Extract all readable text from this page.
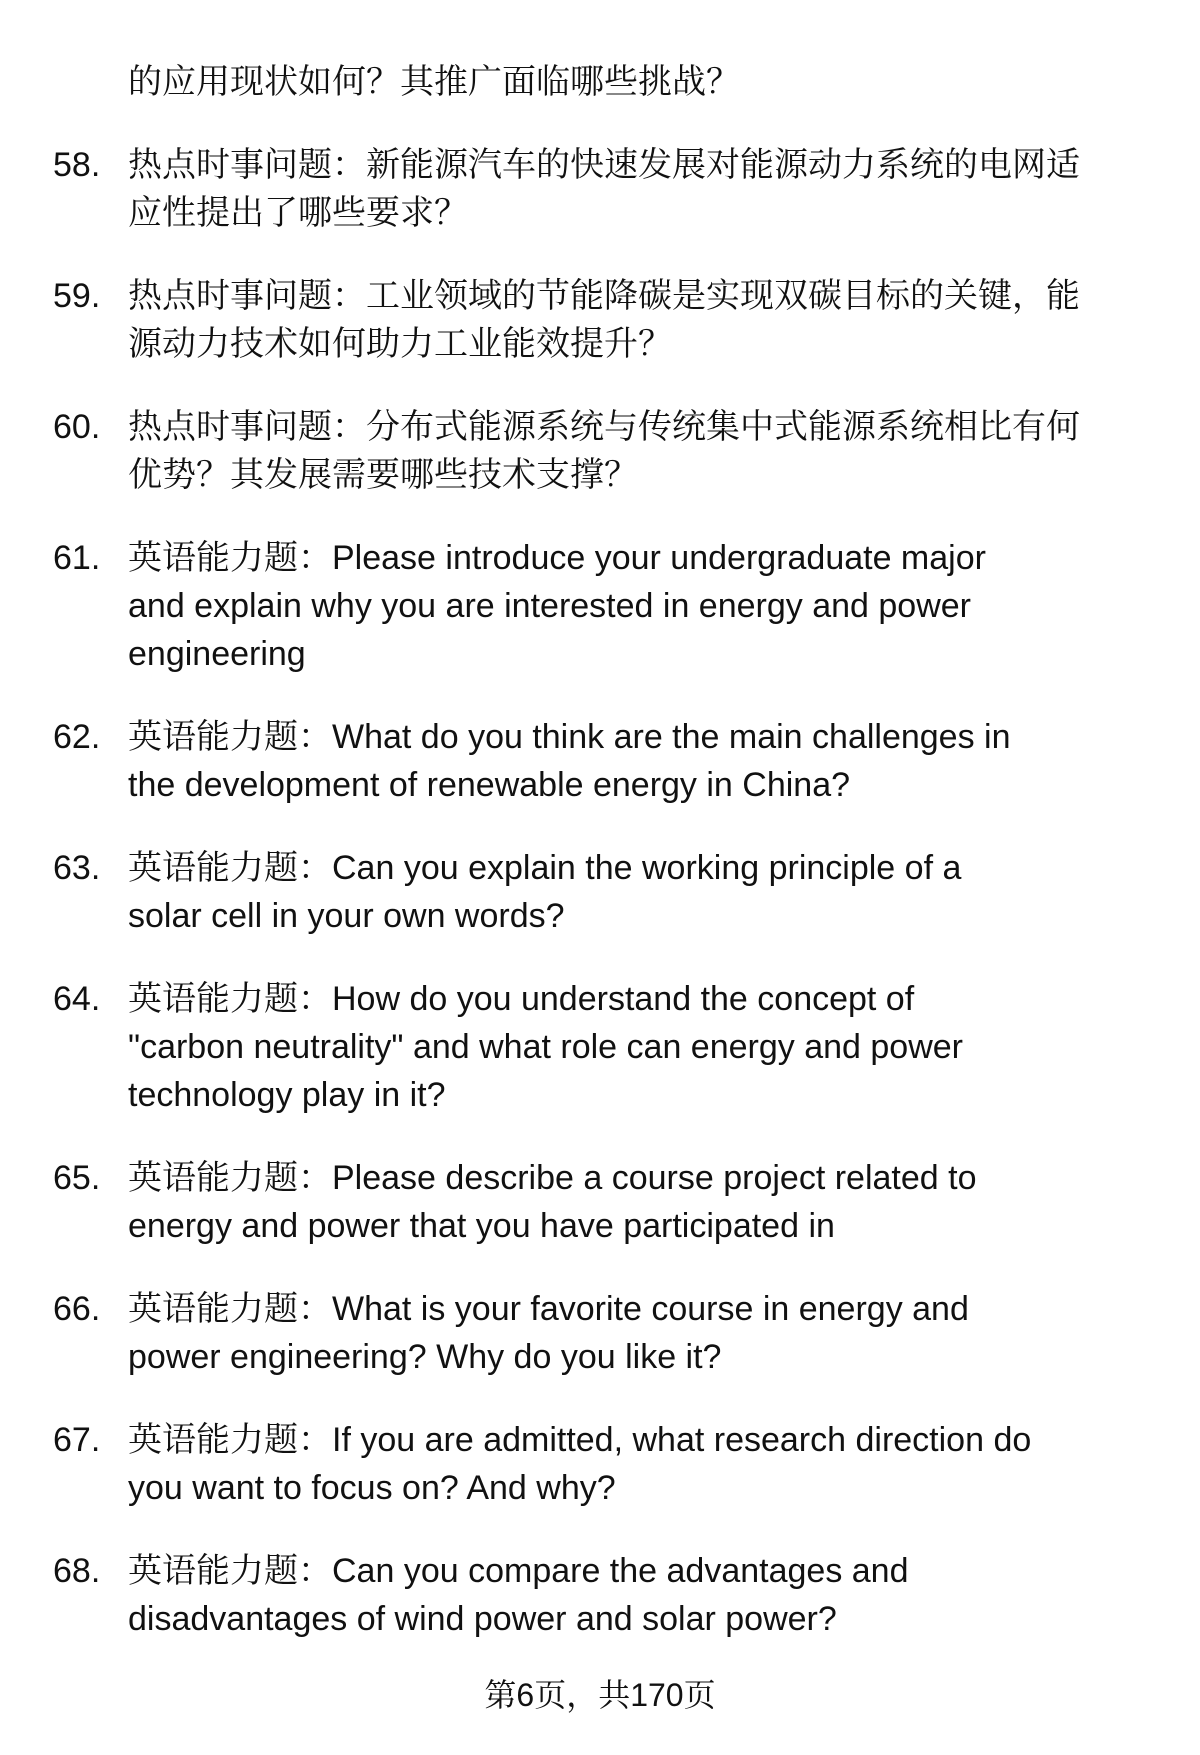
的应用现状如何？其推广面临哪些挑战？
58. 热点时事问题：新能源汽车的快速发展对能源动力系统的电网适
应性提出了哪些要求？
59. 热点时事问题：工业领域的节能降碳是实现双碳目标的关键，能
源动力技术如何助力工业能效提升？
60. 热点时事问题：分布式能源系统与传统集中式能源系统相比有何
优势？其发展需要哪些技术支撑？
61. 英语能力题：Please introduce your undergraduate major
and explain why you are interested in energy and power
engineering
62. 英语能力题：What do you think are the main challenges in
the development of renewable energy in China?
63. 英语能力题：Can you explain the working principle of a
solar cell in your own words?
64. 英语能力题：How do you understand the concept of
"carbon neutrality" and what role can energy and power
technology play in it?
65. 英语能力题：Please describe a course project related to
energy and power that you have participated in
66. 英语能力题：What is your favorite course in energy and
power engineering? Why do you like it?
67. 英语能力题：If you are admitted, what research direction do
you want to focus on? And why?
68. 英语能力题：Can you compare the advantages and
disadvantages of wind power and solar power?
第6页，共170页
